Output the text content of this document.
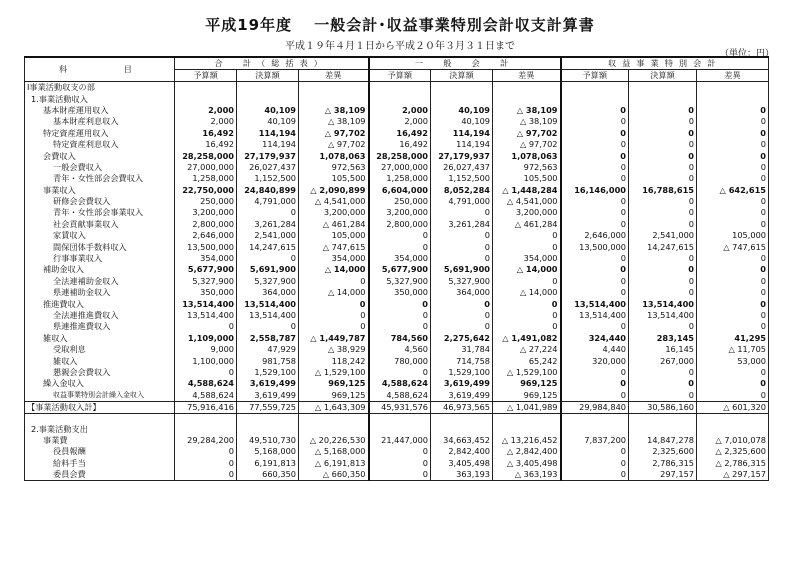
平成19年度　 一般会計･収益事業特別会計収支計算書
平成１９年４月１日から平成２０年３月３１日まで
（単位：円）
科　　　目	合　計（総括表）			一　般　会　計			収益事業特別会計		
	予算額	決算額	差異	予算額	決算額	差異	予算額	決算額	差異
Ⅰ事業活動収支の部									
1.事業活動収入									
基本財産運用収入	2,000	40,109	△ 38,109	2,000	40,109	△ 38,109	0	0	0
基本財産利息収入	2,000	40,109	△ 38,109	2,000	40,109	△ 38,109	0	0	0
特定資産運用収入	16,492	114,194	△ 97,702	16,492	114,194	△ 97,702	0	0	0
特定資産利息収入	16,492	114,194	△ 97,702	16,492	114,194	△ 97,702	0	0	0
会費収入	28,258,000	27,179,937	1,078,063	28,258,000	27,179,937	1,078,063	0	0	0
一般会費収入	27,000,000	26,027,437	972,563	27,000,000	26,027,437	972,563	0	0	0
青年・女性部会会費収入	1,258,000	1,152,500	105,500	1,258,000	1,152,500	105,500	0	0	0
事業収入	22,750,000	24,840,899	△ 2,090,899	6,604,000	8,052,284	△ 1,448,284	16,146,000	16,788,615	△ 642,615
研修会会費収入	250,000	4,791,000	△ 4,541,000	250,000	4,791,000	△ 4,541,000	0	0	0
青年・女性部会事業収入	3,200,000	0	3,200,000	3,200,000	0	3,200,000	0	0	0
社会貢献事業収入	2,800,000	3,261,284	△ 461,284	2,800,000	3,261,284	△ 461,284	0	0	0
家賃収入	2,646,000	2,541,000	105,000	0	0	0	2,646,000	2,541,000	105,000
間保団体手数料収入	13,500,000	14,247,615	△ 747,615	0	0	0	13,500,000	14,247,615	△ 747,615
行事事業収入	354,000	0	354,000	354,000	0	354,000	0	0	0
補助金収入	5,677,900	5,691,900	△ 14,000	5,677,900	5,691,900	△ 14,000	0	0	0
全法連補助金収入	5,327,900	5,327,900	0	5,327,900	5,327,900	0	0	0	0
県連補助金収入	350,000	364,000	△ 14,000	350,000	364,000	△ 14,000	0	0	0
推進費収入	13,514,400	13,514,400	0	0	0	0	13,514,400	13,514,400	0
全法連推進費収入	13,514,400	13,514,400	0	0	0	0	13,514,400	13,514,400	0
県連推進費収入	0	0	0	0	0	0	0	0	0
雑収入	1,109,000	2,558,787	△ 1,449,787	784,560	2,275,642	△ 1,491,082	324,440	283,145	41,295
受取利息	9,000	47,929	△ 38,929	4,560	31,784	△ 27,224	4,440	16,145	△ 11,705
雑収入	1,100,000	981,758	118,242	780,000	714,758	65,242	320,000	267,000	53,000
懇親会会費収入	0	1,529,100	△ 1,529,100	0	1,529,100	△ 1,529,100	0	0	0
繰入金収入	4,588,624	3,619,499	969,125	4,588,624	3,619,499	969,125	0	0	0
収益事業特別会計繰入金収入	4,588,624	3,619,499	969,125	4,588,624	3,619,499	969,125	0	0	0
【事業活動収入計】	75,916,416	77,559,725	△ 1,643,309	45,931,576	46,973,565	△ 1,041,989	29,984,840	30,586,160	△ 601,320

2.事業活動支出									
事業費	29,284,200	49,510,730	△ 20,226,530	21,447,000	34,663,452	△ 13,216,452	7,837,200	14,847,278	△ 7,010,078
役員報酬	0	5,168,000	△ 5,168,000	0	2,842,400	△ 2,842,400	0	2,325,600	△ 2,325,600
給料手当	0	6,191,813	△ 6,191,813	0	3,405,498	△ 3,405,498	0	2,786,315	△ 2,786,315
委員会費	0	660,350	△ 660,350	0	363,193	△ 363,193	0	297,157	△ 297,157
